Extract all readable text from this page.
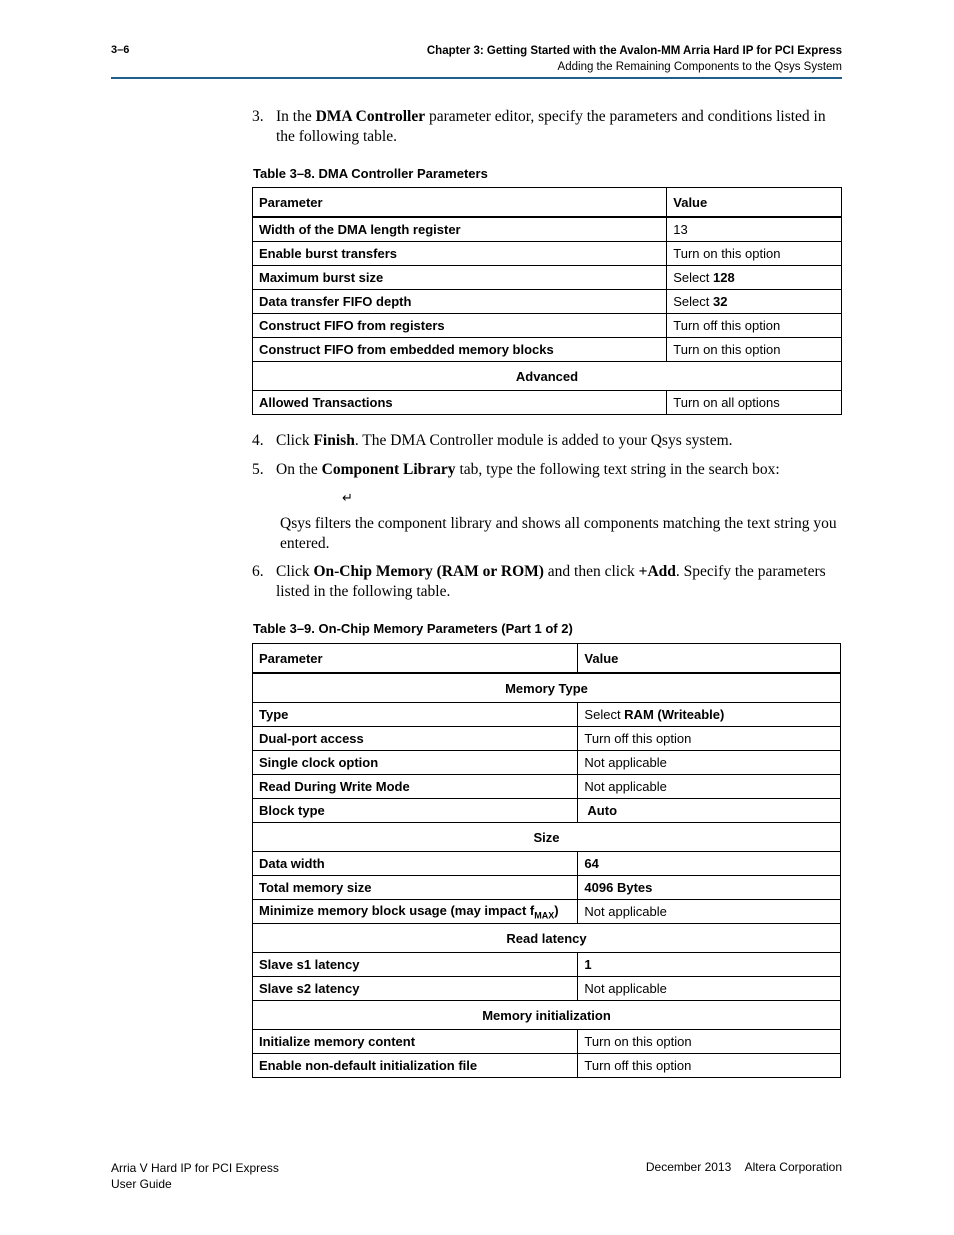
3–6	Chapter 3: Getting Started with the Avalon-MM Arria Hard IP for PCI Express
Adding the Remaining Components to the Qsys System
3. In the DMA Controller parameter editor, specify the parameters and conditions listed in the following table.
Table 3–8. DMA Controller Parameters
Parameter	Value
Width of the DMA length register	13
Enable burst transfers	Turn on this option
Maximum burst size	Select 128
Data transfer FIFO depth	Select 32
Construct FIFO from registers	Turn off this option
Construct FIFO from embedded memory blocks	Turn on this option
Advanced	
Allowed Transactions	Turn on all options
4. Click Finish. The DMA Controller module is added to your Qsys system.
5. On the Component Library tab, type the following text string in the search box:
↵
Qsys filters the component library and shows all components matching the text string you entered.
6. Click On-Chip Memory (RAM or ROM) and then click +Add. Specify the parameters listed in the following table.
Table 3–9. On-Chip Memory Parameters (Part 1 of 2)
Parameter	Value
Memory Type	
Type	Select RAM (Writeable)
Dual-port access	Turn off this option
Single clock option	Not applicable
Read During Write Mode	Not applicable
Block type	Auto
Size	
Data width	64
Total memory size	4096 Bytes
Minimize memory block usage (may impact $f_{MAX}$)	Not applicable
Read latency	
Slave s1 latency	1
Slave s2 latency	Not applicable
Memory initialization	
Initialize memory content	Turn on this option
Enable non-default initialization file	Turn off this option
Arria V Hard IP for PCI Express
User Guide
December 2013 Altera Corporation
